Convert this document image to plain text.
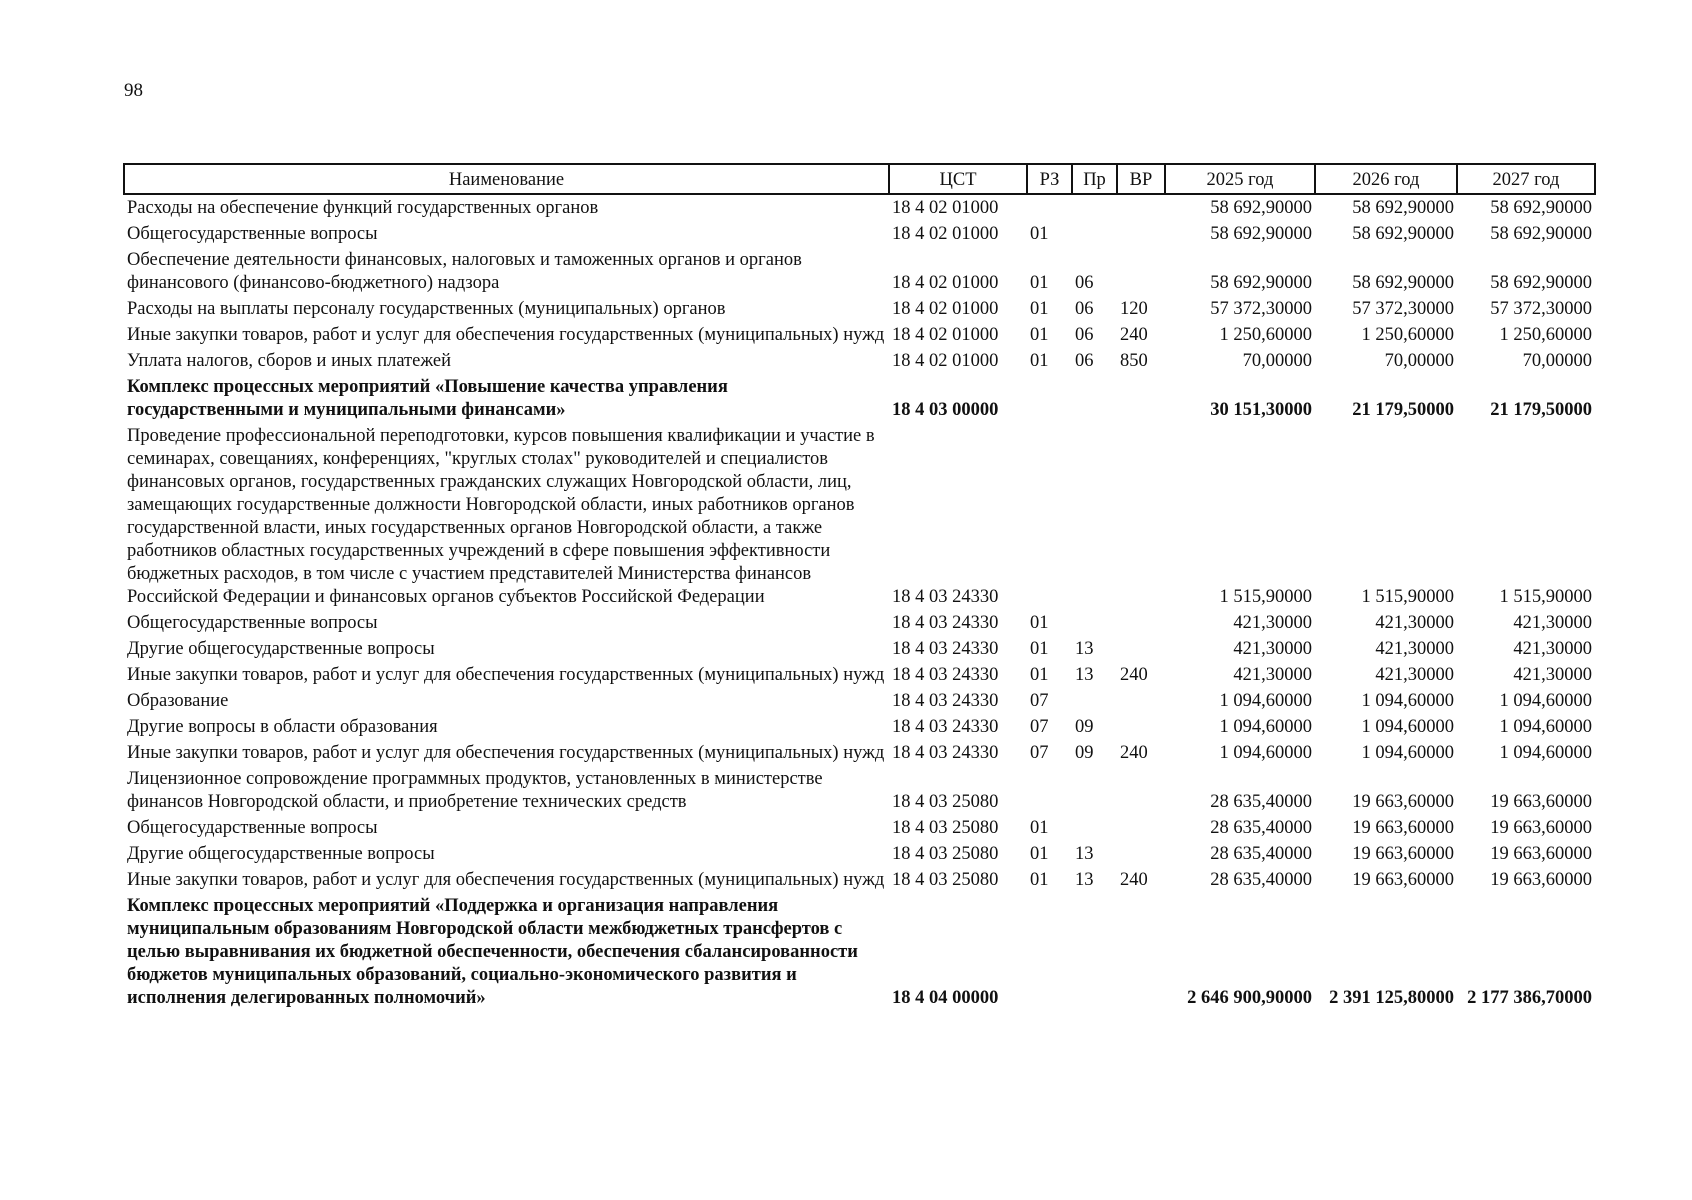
98
Наименование	ЦСТ	РЗ	Пр	ВР	2025 год	2026 год	2027 год
Расходы на обеспечение функций государственных органов	18 4 02 01000				58 692,90000	58 692,90000	58 692,90000
Общегосударственные вопросы	18 4 02 01000	01			58 692,90000	58 692,90000	58 692,90000
Обеспечение деятельности финансовых, налоговых и таможенных органов и органов финансового (финансово-бюджетного) надзора	18 4 02 01000	01	06		58 692,90000	58 692,90000	58 692,90000
Расходы на выплаты персоналу государственных (муниципальных) органов	18 4 02 01000	01	06	120	57 372,30000	57 372,30000	57 372,30000
Иные закупки товаров, работ и услуг для обеспечения государственных (муниципальных) нужд	18 4 02 01000	01	06	240	1 250,60000	1 250,60000	1 250,60000
Уплата налогов, сборов и иных платежей	18 4 02 01000	01	06	850	70,00000	70,00000	70,00000
Комплекс процессных мероприятий «Повышение качества управления государственными и муниципальными финансами»	18 4 03 00000				30 151,30000	21 179,50000	21 179,50000
Проведение профессиональной переподготовки, курсов повышения квалификации и участие в семинарах, совещаниях, конференциях, "круглых столах" руководителей и специалистов финансовых органов, государственных гражданских служащих Новгородской области, лиц, замещающих государственные должности Новгородской области, иных работников органов государственной власти, иных государственных органов Новгородской области, а также работников областных государственных учреждений в сфере повышения эффективности бюджетных расходов, в том числе с участием представителей Министерства финансов Российской Федерации и финансовых органов субъектов Российской Федерации	18 4 03 24330				1 515,90000	1 515,90000	1 515,90000
Общегосударственные вопросы	18 4 03 24330	01			421,30000	421,30000	421,30000
Другие общегосударственные вопросы	18 4 03 24330	01	13		421,30000	421,30000	421,30000
Иные закупки товаров, работ и услуг для обеспечения государственных (муниципальных) нужд	18 4 03 24330	01	13	240	421,30000	421,30000	421,30000
Образование	18 4 03 24330	07			1 094,60000	1 094,60000	1 094,60000
Другие вопросы в области образования	18 4 03 24330	07	09		1 094,60000	1 094,60000	1 094,60000
Иные закупки товаров, работ и услуг для обеспечения государственных (муниципальных) нужд	18 4 03 24330	07	09	240	1 094,60000	1 094,60000	1 094,60000
Лицензионное сопровождение программных продуктов, установленных в министерстве финансов Новгородской области, и приобретение технических средств	18 4 03 25080				28 635,40000	19 663,60000	19 663,60000
Общегосударственные вопросы	18 4 03 25080	01			28 635,40000	19 663,60000	19 663,60000
Другие общегосударственные вопросы	18 4 03 25080	01	13		28 635,40000	19 663,60000	19 663,60000
Иные закупки товаров, работ и услуг для обеспечения государственных (муниципальных) нужд	18 4 03 25080	01	13	240	28 635,40000	19 663,60000	19 663,60000
Комплекс процессных мероприятий «Поддержка и организация направления муниципальным образованиям Новгородской области межбюджетных трансфертов с целью выравнивания их бюджетной обеспеченности, обеспечения сбалансированности бюджетов муниципальных образований, социально-экономического развития и исполнения делегированных полномочий»	18 4 04 00000				2 646 900,90000	2 391 125,80000	2 177 386,70000
